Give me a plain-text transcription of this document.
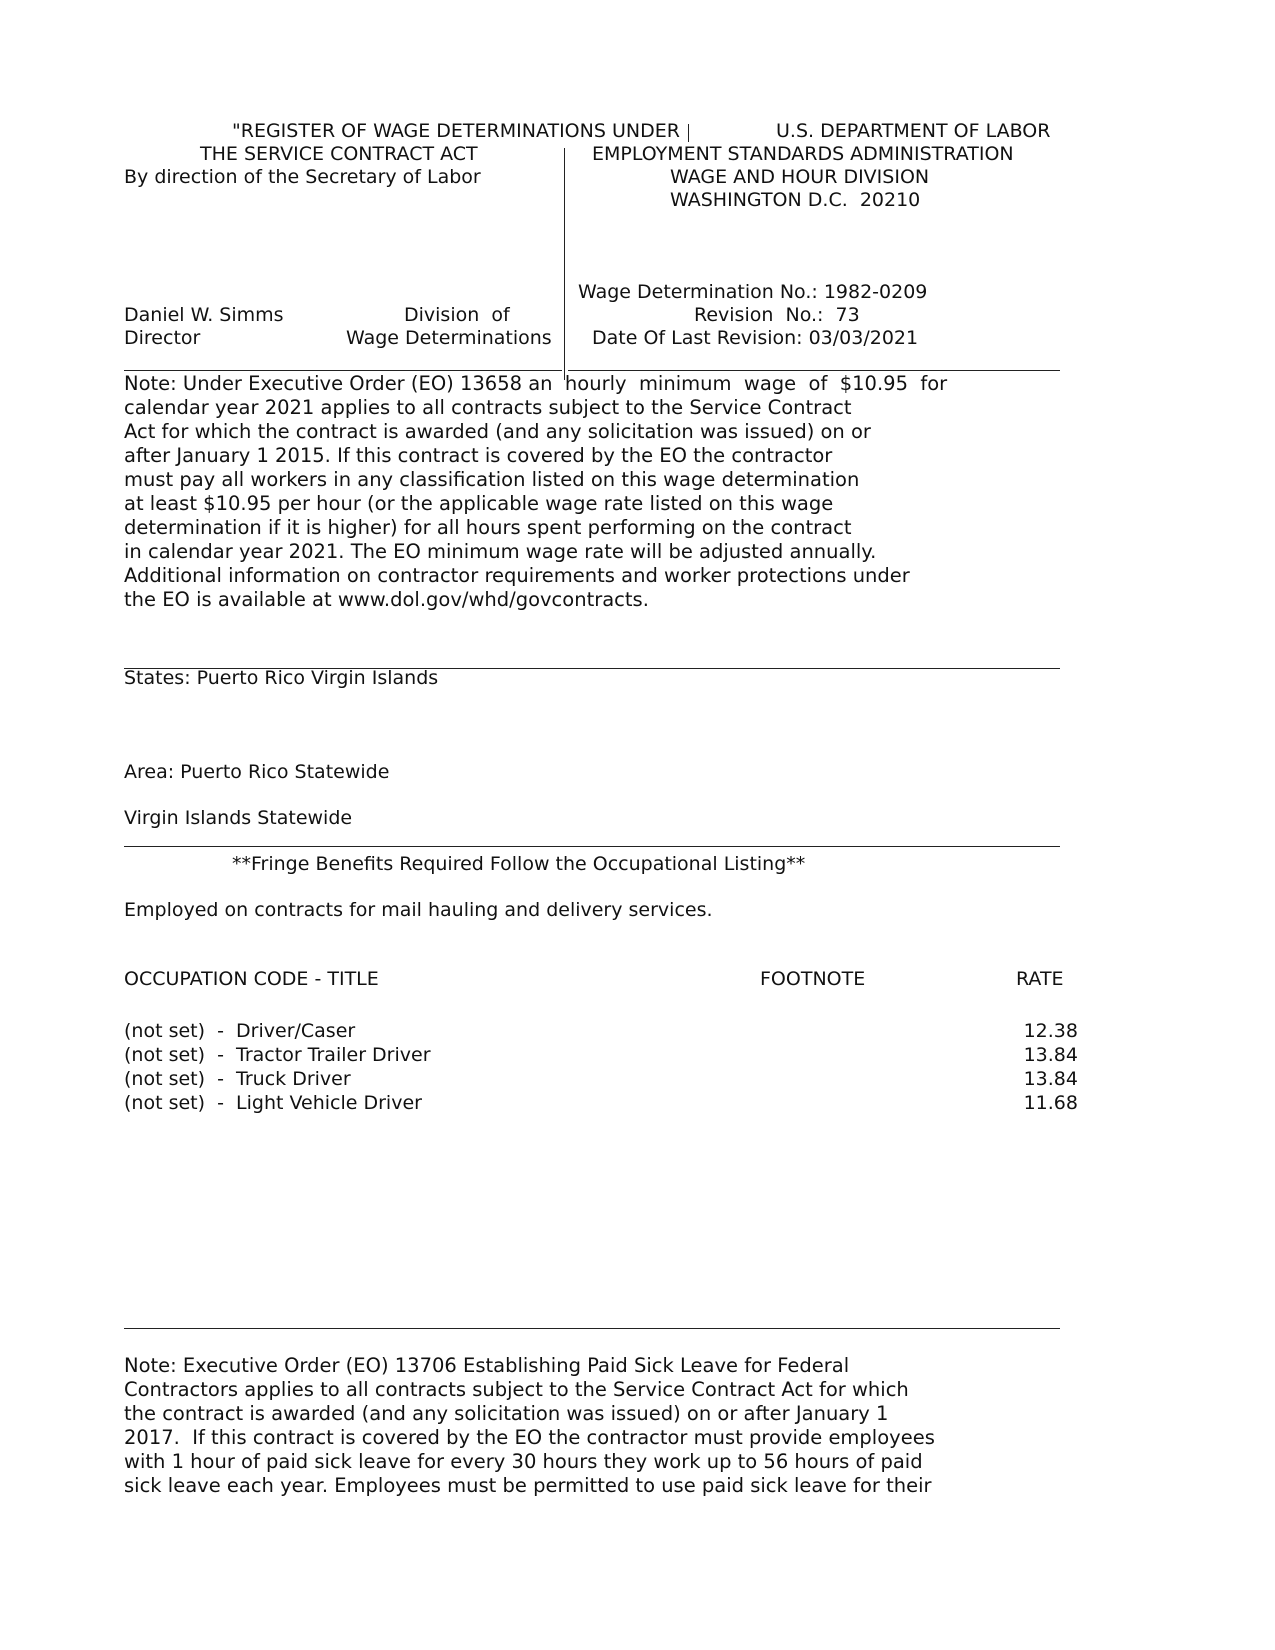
"REGISTER OF WAGE DETERMINATIONS UNDER
THE SERVICE CONTRACT ACT
By direction of the Secretary of Labor
U.S. DEPARTMENT OF LABOR
EMPLOYMENT STANDARDS ADMINISTRATION
WAGE AND HOUR DIVISION
WASHINGTON D.C.  20210
Wage Determination No.: 1982-0209
Revision  No.:  73
Date Of Last Revision: 03/03/2021
Daniel W. Simms
Director
Division  of
Wage Determinations
Note: Under Executive Order (EO) 13658 an  hourly  minimum  wage  of  $10.95  for
calendar year 2021 applies to all contracts subject to the Service Contract
Act for which the contract is awarded (and any solicitation was issued) on or
after January 1 2015. If this contract is covered by the EO the contractor
must pay all workers in any classification listed on this wage determination
at least $10.95 per hour (or the applicable wage rate listed on this wage
determination if it is higher) for all hours spent performing on the contract
in calendar year 2021. The EO minimum wage rate will be adjusted annually.
Additional information on contractor requirements and worker protections under
the EO is available at www.dol.gov/whd/govcontracts.
States: Puerto Rico Virgin Islands
Area: Puerto Rico Statewide
Virgin Islands Statewide
**Fringe Benefits Required Follow the Occupational Listing**
Employed on contracts for mail hauling and delivery services.
OCCUPATION CODE - TITLE	FOOTNOTE	RATE
(not set)  -  Driver/Caser	12.38
(not set)  -  Tractor Trailer Driver	13.84
(not set)  -  Truck Driver	13.84
(not set)  -  Light Vehicle Driver	11.68
Note: Executive Order (EO) 13706 Establishing Paid Sick Leave for Federal
Contractors applies to all contracts subject to the Service Contract Act for which
the contract is awarded (and any solicitation was issued) on or after January 1
2017.  If this contract is covered by the EO the contractor must provide employees
with 1 hour of paid sick leave for every 30 hours they work up to 56 hours of paid
sick leave each year. Employees must be permitted to use paid sick leave for their
